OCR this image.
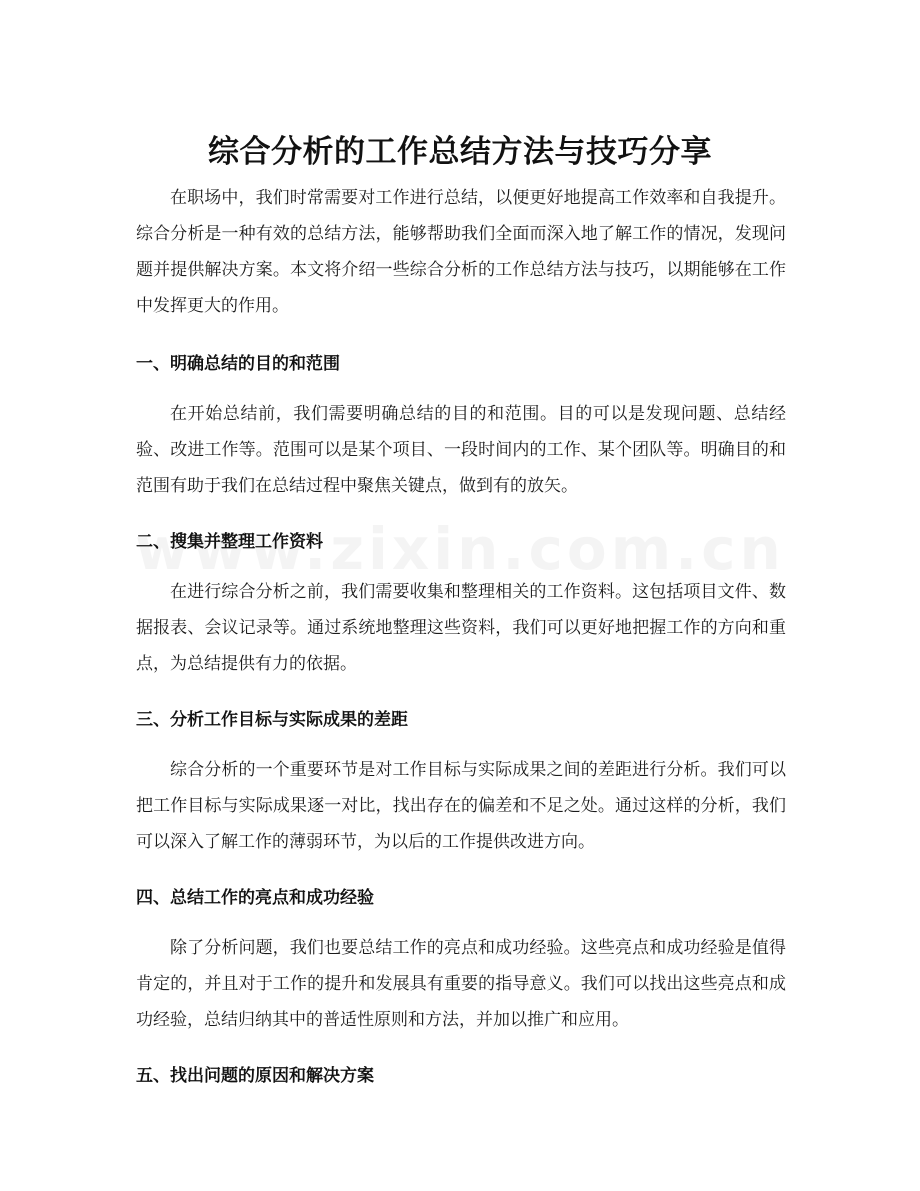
综合分析的工作总结方法与技巧分享

在职场中，我们时常需要对工作进行总结，以便更好地提高工作效率和自我提升。综合分析是一种有效的总结方法，能够帮助我们全面而深入地了解工作的情况，发现问题并提供解决方案。本文将介绍一些综合分析的工作总结方法与技巧，以期能够在工作中发挥更大的作用。

一、明确总结的目的和范围

在开始总结前，我们需要明确总结的目的和范围。目的可以是发现问题、总结经验、改进工作等。范围可以是某个项目、一段时间内的工作、某个团队等。明确目的和范围有助于我们在总结过程中聚焦关键点，做到有的放矢。

二、搜集并整理工作资料

在进行综合分析之前，我们需要收集和整理相关的工作资料。这包括项目文件、数据报表、会议记录等。通过系统地整理这些资料，我们可以更好地把握工作的方向和重点，为总结提供有力的依据。

三、分析工作目标与实际成果的差距

综合分析的一个重要环节是对工作目标与实际成果之间的差距进行分析。我们可以把工作目标与实际成果逐一对比，找出存在的偏差和不足之处。通过这样的分析，我们可以深入了解工作的薄弱环节，为以后的工作提供改进方向。

四、总结工作的亮点和成功经验

除了分析问题，我们也要总结工作的亮点和成功经验。这些亮点和成功经验是值得肯定的，并且对于工作的提升和发展具有重要的指导意义。我们可以找出这些亮点和成功经验，总结归纳其中的普适性原则和方法，并加以推广和应用。

五、找出问题的原因和解决方案
